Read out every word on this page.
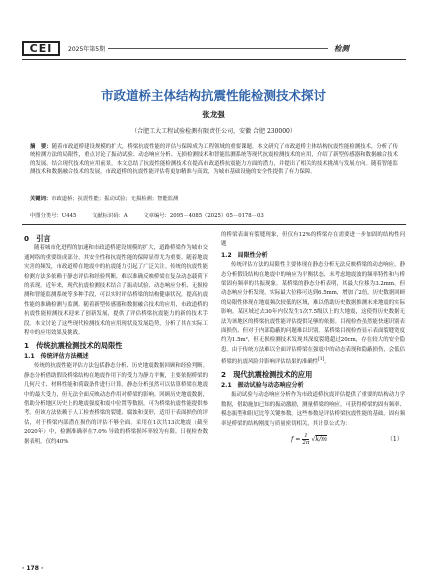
CEI	2025年第5期	检测
市政道桥主体结构抗震性能检测技术探讨
张龙强
（合肥工大工程试验检测有限责任公司，安徽 合肥 230000）
摘　要：随着市政道桥建设规模的扩大，桥梁抗震性能的评估与保障成为工程领域的重要课题。本文研究了市政道桥主体结构抗震性能检测技术，分析了传统检测方法的局限性，重点讨论了振动试验、动态响应分析、无损检测技术和智能监测系统等现代抗震检测技术的应用，介绍了新型传感器和数据融合技术的发展。结合现代技术的应用前景，本文总结了抗震性能检测技术在提高市政道桥抗震能力方面的潜力，并提出了相关的技术挑战与发展方向。随着智能监测技术和数据融合技术的发展，市政道桥的抗震性能评估将更加精准与高效，为城市基础设施的安全性提供了有力保障。
关键词：市政道桥；抗震性能；振动试验；无损检测；智能监测
中图分类号：U445	文献标识码：A	文章编号：2095－4085（2025）05－0178－03
0　引言

随着城市化进程的加速和市政道桥建设规模的扩大，道路桥梁作为城市交通网络的重要组成部分，其安全性和抗震性能的保障显得尤为重要。随着地震灾害的频发，市政道桥在地震中的抗震能力引起了广泛关注。传统的抗震性能检测方法多依赖于静态评估和经验判断，难以准确反映桥梁在复杂动态载荷下的表现。近年来，现代抗震检测技术结合了振动试验、动态响应分析、无损检测和智能监测系统等多种手段，可以实时评估桥梁的结构健康状况，提高抗震性能的准确检测与监测。随着新型传感器和数据融合技术的应用，市政道桥的抗震性能检测技术迎来了创新发展，提供了评估桥梁抗震能力的新的技术手段。本文讨论了这些现代检测技术的应用现状及发展趋势，分析了其在实际工程中的应用效果及挑战。

1　传统抗震检测技术的局限性
1.1　传统评估方法概述

传统的抗震性能评估方法包括静态分析、历史地震数据回顾和经验判断。静态分析借助假设桥梁结构在地震作用下的受力为静力平衡，主要依据桥梁的几何尺寸、材料性能和荷载条件进行计算。静态分析虽然可以估算桥梁在地震中的最大受力，但无法全面反映动态作用对桥梁的影响。回顾历史地震数据，借助分析地区历史上的地震强度和震中位置等数据，可为桥梁抗震性能提供参考。但该方法依赖于人工检查桥梁的裂缝、腐蚀和变形，适用于表面损伤的评估，对于桥梁内部潜在损伤的评估不够全面。采用在1次共13次地震（截至2020年）中，检测准确率在7.0% 导致的桥梁损坏率较为有限。日视检查数据表明，仅约40%

的桥梁表面有裂缝现象，但仅有12%的桥梁存在需要进一步加固的结构性问题

1.2　局限性分析

传统评估方法的局限性主要体现在静态分析无法反映桥梁的动态响应，静态分析假设结构在地震中的响应为平衡状态，未考虑地震波的频率特性和与桥梁固有频率的共振现象。某桥梁的静态分析表明，其最大位移为3.2mm，但动态响应分析发现，实际最大位移可达到6.5mm，增加了2倍。历史数据回顾的局限性体现在地震频次较低的区域，难以借助历史数据推测未来地震的实际影响。某区域过去30年内仅发生1次7.5级以上的大地震，这使得历史数据无法为该地区的桥梁抗震性能评估提供足够的依据。目视检查虽然能快速识别表面损伤，但对于内部隐蔽的问题难以识别。某桥梁目视检查显示表面裂缝宽度约为1.5m²，但无损检测技术发现其深度裂缝超过20cm，存在较大的安全隐患。由于传统方法难以全面评估桥梁在强震中的动态表现和隐蔽损伤，会低估桥梁的抗震风险并影响评估结果的准确性[1]。

2　现代抗震检测技术的应用
2.1　振动试验与动态响应分析

振动试验与动态响应分析作为市政道桥抗震评估提供了重要的结构动力学数据，借助施加已知的振动激励，测量桥梁的响应，可获得桥梁的固有频率、模态振型和阻尼比等关键参数。这些参数是评估桥梁抗震性能的基础。固有频率是桥梁的结构刚度与质量密切相关，其计算公式为：

$f = \frac{1}{2\pi} √k/m$	（1）
· 178 ·
